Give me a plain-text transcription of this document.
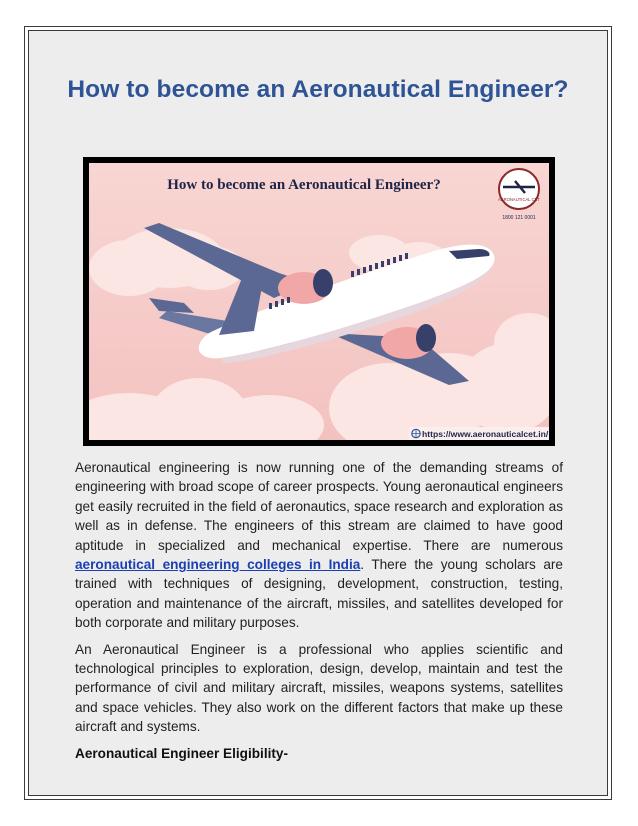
How to become an Aeronautical Engineer?
How to become an Aeronautical Engineer?
AERONAUTICAL CET
1800 121 0001
https://www.aeronauticalcet.in/

Aeronautical engineering is now running one of the demanding streams of engineering with broad scope of career prospects. Young aeronautical engineers get easily recruited in the field of aeronautics, space research and exploration as well as in defense. The engineers of this stream are claimed to have good aptitude in specialized and mechanical expertise. There are numerous aeronautical engineering colleges in India. There the young scholars are trained with techniques of designing, development, construction, testing, operation and maintenance of the aircraft, missiles, and satellites developed for both corporate and military purposes.

An Aeronautical Engineer is a professional who applies scientific and technological principles to exploration, design, develop, maintain and test the performance of civil and military aircraft, missiles, weapons systems, satellites and space vehicles. They also work on the different factors that make up these aircraft and systems.

Aeronautical Engineer Eligibility-
